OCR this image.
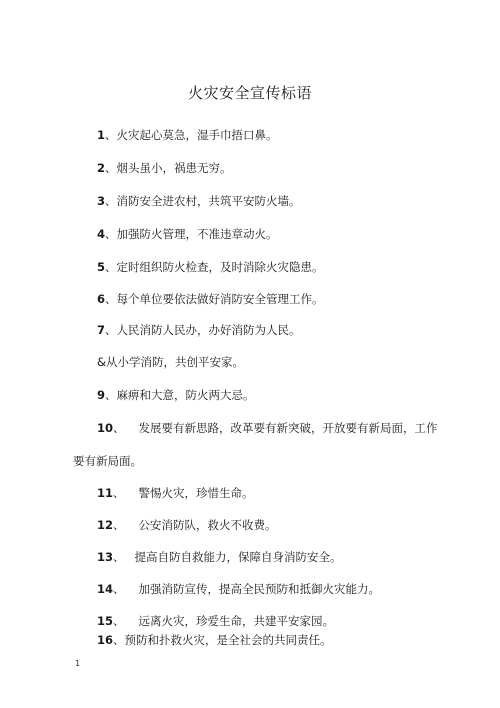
火灾安全宣传标语
1、火灾起心莫急，湿手巾捂口鼻。
2、烟头虽小，祸患无穷。
3、消防安全进农村，共筑平安防火墙。
4、加强防火管理，不准违章动火。
5、定时组织防火检查，及时消除火灾隐患。
6、每个单位要依法做好消防安全管理工作。
7、人民消防人民办，办好消防为人民。
&从小学消防，共创平安家。
9、麻痹和大意，防火两大忌。
10、 发展要有新思路，改革要有新突破，开放要有新局面，工作
要有新局面。
11、 警惕火灾，珍惜生命。
12、 公安消防队，救火不收费。
13、 提高自防自救能力，保障自身消防安全。
14、 加强消防宣传，提高全民预防和抵御火灾能力。
15、 远离火灾，珍爱生命，共建平安家园。
16、预防和扑救火灾，是全社会的共同责任。
1
